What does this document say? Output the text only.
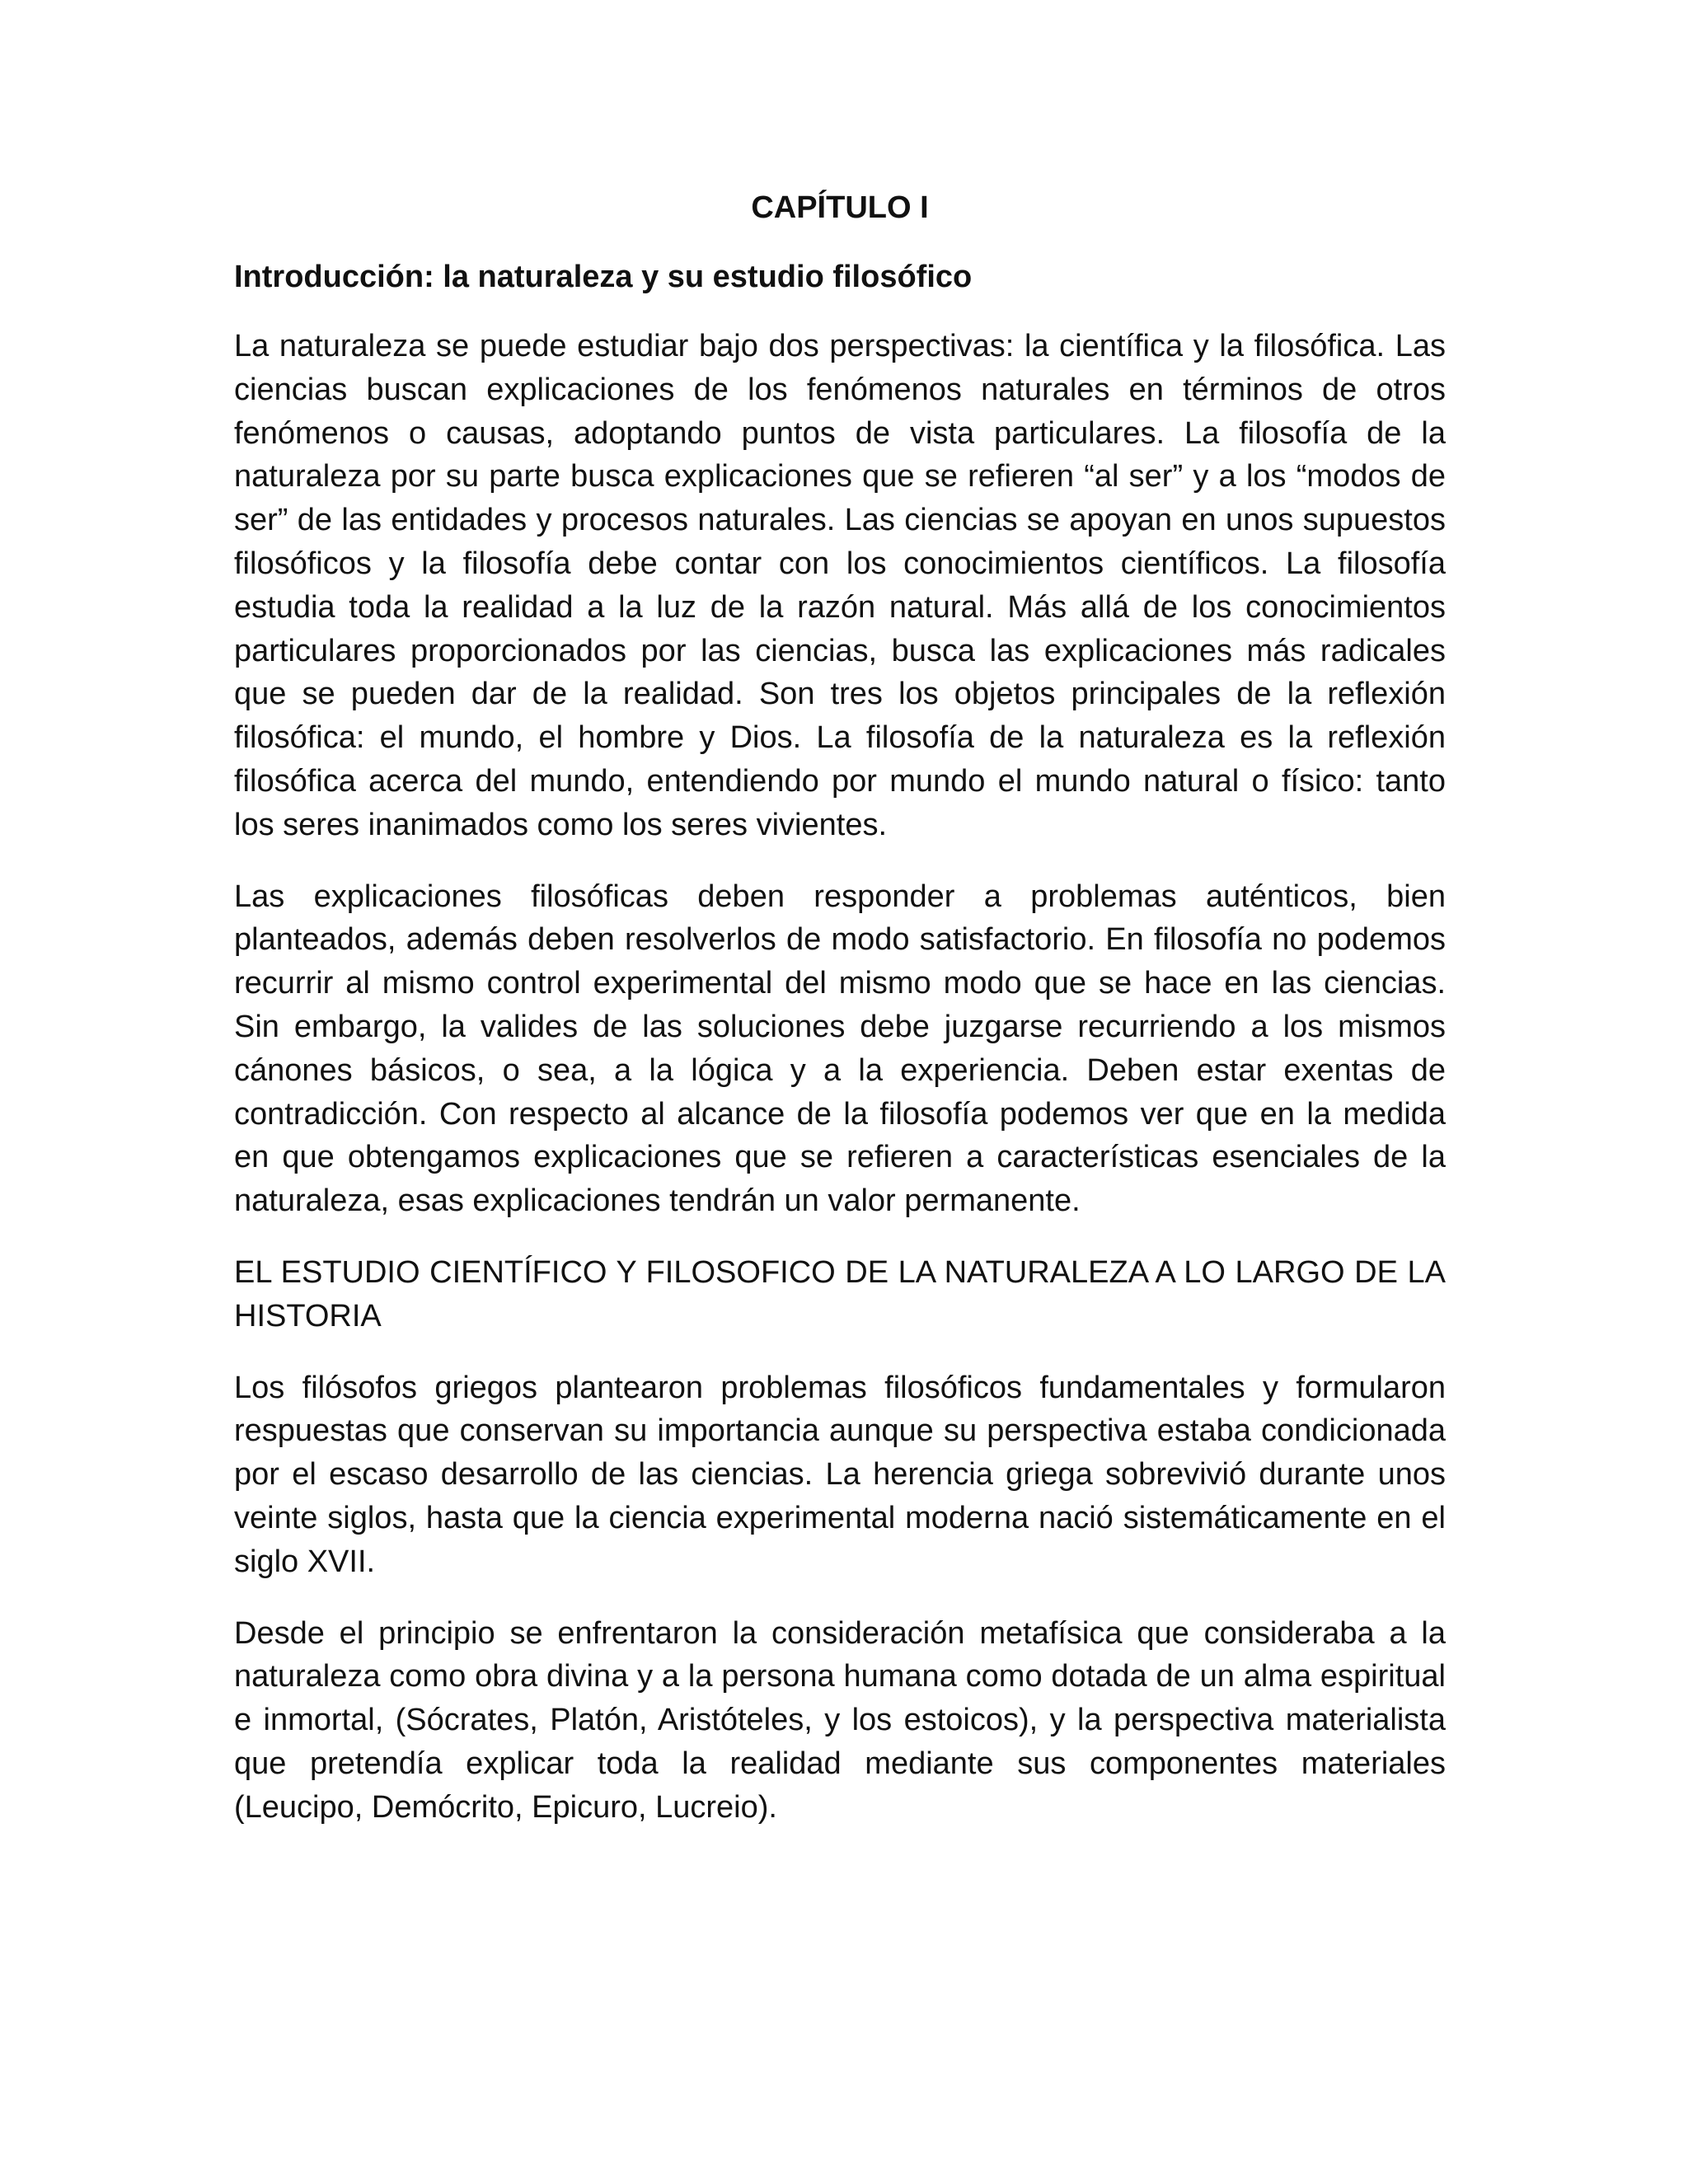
CAPÍTULO I
Introducción: la naturaleza y su estudio filosófico

La naturaleza se puede estudiar bajo dos perspectivas: la científica y la filosófica. Las ciencias buscan explicaciones de los fenómenos naturales en términos de otros fenómenos o causas, adoptando puntos de vista particulares. La filosofía de la naturaleza por su parte busca explicaciones que se refieren “al ser” y a los “modos de ser” de las entidades y procesos naturales. Las ciencias se apoyan en unos supuestos filosóficos y la filosofía debe contar con los conocimientos científicos. La filosofía estudia toda la realidad a la luz de la razón natural. Más allá de los conocimientos particulares proporcionados por las ciencias, busca las explicaciones más radicales que se pueden dar de la realidad. Son tres los objetos principales de la reflexión filosófica: el mundo, el hombre y Dios. La filosofía de la naturaleza es la reflexión filosófica acerca del mundo, entendiendo por mundo el mundo natural o físico: tanto los seres inanimados como los seres vivientes.

Las explicaciones filosóficas deben responder a problemas auténticos, bien planteados, además deben resolverlos de modo satisfactorio. En filosofía no podemos recurrir al mismo control experimental del mismo modo que se hace en las ciencias. Sin embargo, la valides de las soluciones debe juzgarse recurriendo a los mismos cánones básicos, o sea, a la lógica y a la experiencia. Deben estar exentas de contradicción. Con respecto al alcance de la filosofía podemos ver que en la medida en que obtengamos explicaciones que se refieren a características esenciales de la naturaleza, esas explicaciones tendrán un valor permanente.

EL ESTUDIO CIENTÍFICO Y FILOSOFICO DE LA NATURALEZA A LO LARGO DE LA HISTORIA

Los filósofos griegos plantearon problemas filosóficos fundamentales y formularon respuestas que conservan su importancia aunque su perspectiva estaba condicionada por el escaso desarrollo de las ciencias. La herencia griega sobrevivió durante unos veinte siglos, hasta que la ciencia experimental moderna nació sistemáticamente en el siglo XVII.

Desde el principio se enfrentaron la consideración metafísica que consideraba a la naturaleza como obra divina y a la persona humana como dotada de un alma espiritual e inmortal, (Sócrates, Platón, Aristóteles, y los estoicos), y la perspectiva materialista que pretendía explicar toda la realidad mediante sus componentes materiales (Leucipo, Demócrito, Epicuro, Lucreio).
